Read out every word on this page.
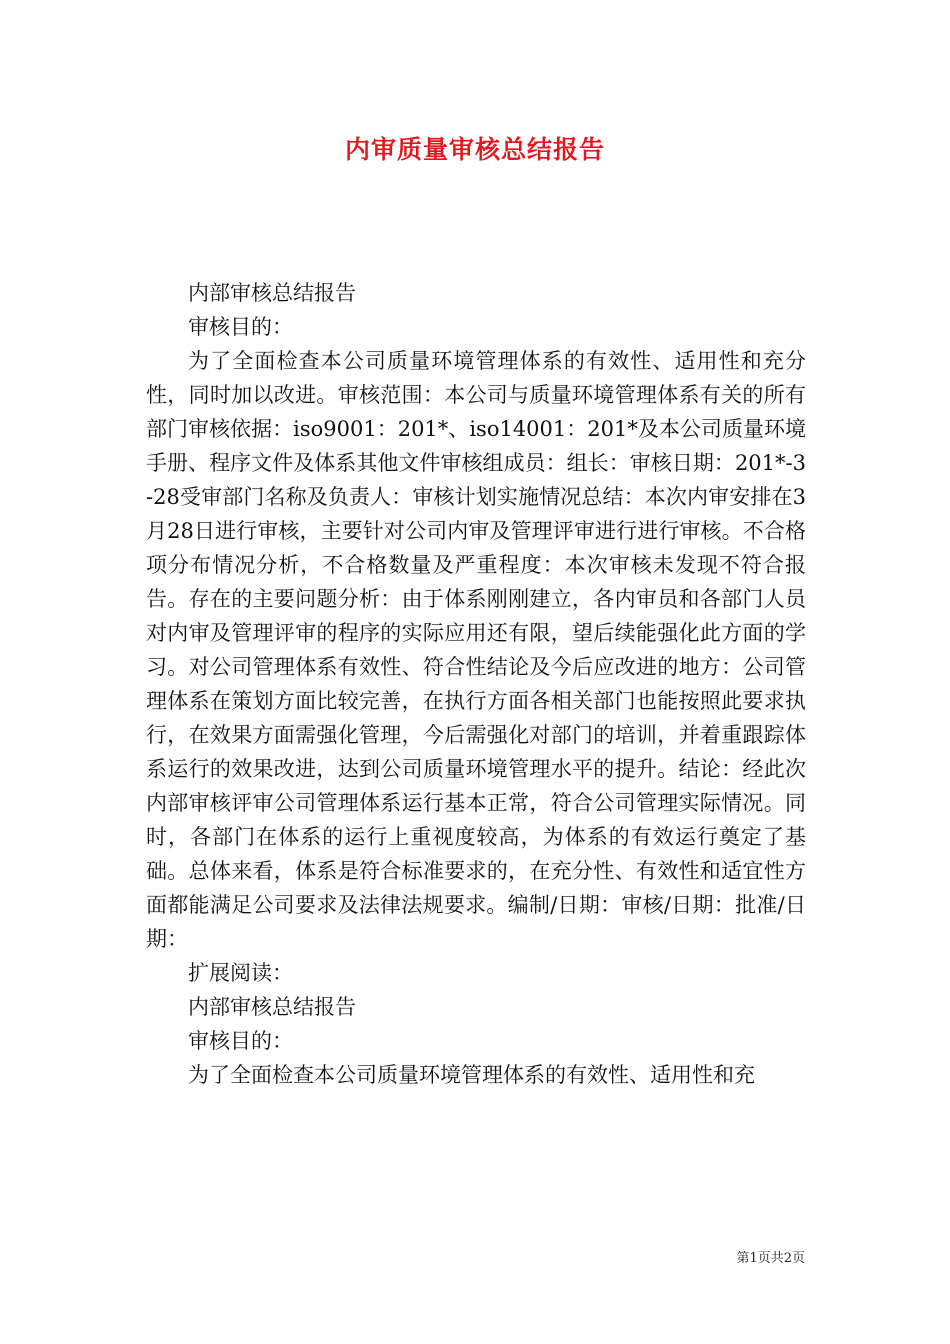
内审质量审核总结报告

内部审核总结报告

审核目的：

为了全面检查本公司质量环境管理体系的有效性、适用性和充分性，同时加以改进。审核范围：本公司与质量环境管理体系有关的所有部门审核依据：iso9001：201*、iso14001：201*及本公司质量环境手册、程序文件及体系其他文件审核组成员：组长：审核日期：201*-3-28受审部门名称及负责人：审核计划实施情况总结：本次内审安排在3月28日进行审核，主要针对公司内审及管理评审进行进行审核。不合格项分布情况分析，不合格数量及严重程度：本次审核未发现不符合报告。存在的主要问题分析：由于体系刚刚建立，各内审员和各部门人员对内审及管理评审的程序的实际应用还有限，望后续能强化此方面的学习。对公司管理体系有效性、符合性结论及今后应改进的地方：公司管理体系在策划方面比较完善，在执行方面各相关部门也能按照此要求执行，在效果方面需强化管理，今后需强化对部门的培训，并着重跟踪体系运行的效果改进，达到公司质量环境管理水平的提升。结论：经此次内部审核评审公司管理体系运行基本正常，符合公司管理实际情况。同时，各部门在体系的运行上重视度较高，为体系的有效运行奠定了基础。总体来看，体系是符合标准要求的，在充分性、有效性和适宜性方面都能满足公司要求及法律法规要求。编制/日期：审核/日期：批准/日期：

扩展阅读：

内部审核总结报告

审核目的：

为了全面检查本公司质量环境管理体系的有效性、适用性和充

第1页共2页
